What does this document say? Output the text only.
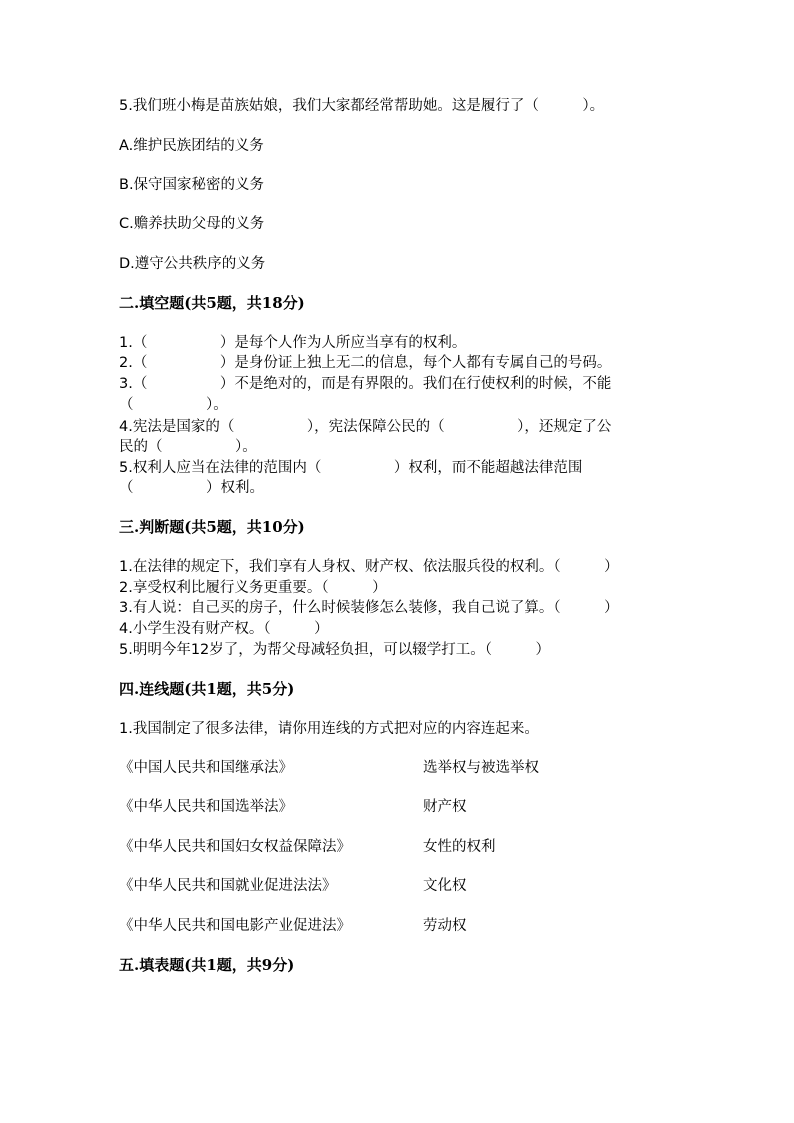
5.我们班小梅是苗族姑娘，我们大家都经常帮助她。这是履行了（　　　）。
A.维护民族团结的义务
B.保守国家秘密的义务
C.赡养扶助父母的义务
D.遵守公共秩序的义务
二.填空题(共5题，共18分)
1.（　　　　　）是每个人作为人所应当享有的权利。
2.（　　　　　）是身份证上独上无二的信息，每个人都有专属自己的号码。
3.（　　　　　）不是绝对的，而是有界限的。我们在行使权利的时候，不能
（　　　　　）。
4.宪法是国家的（　　　　　），宪法保障公民的（　　　　　），还规定了公
民的（　　　　　）。
5.权利人应当在法律的范围内（　　　　　）权利，而不能超越法律范围
（　　　　　）权利。
三.判断题(共5题，共10分)
1.在法律的规定下，我们享有人身权、财产权、依法服兵役的权利。（　　　）
2.享受权利比履行义务更重要。（　　　）
3.有人说：自己买的房子，什么时候装修怎么装修，我自己说了算。（　　　）
4.小学生没有财产权。（　　　）
5.明明今年12岁了，为帮父母减轻负担，可以辍学打工。（　　　）
四.连线题(共1题，共5分)
1.我国制定了很多法律，请你用连线的方式把对应的内容连起来。
《中国人民共和国继承法》	选举权与被选举权
《中华人民共和国选举法》	财产权
《中华人民共和国妇女权益保障法》	女性的权利
《中华人民共和国就业促进法法》	文化权
《中华人民共和国电影产业促进法》	劳动权
五.填表题(共1题，共9分)
